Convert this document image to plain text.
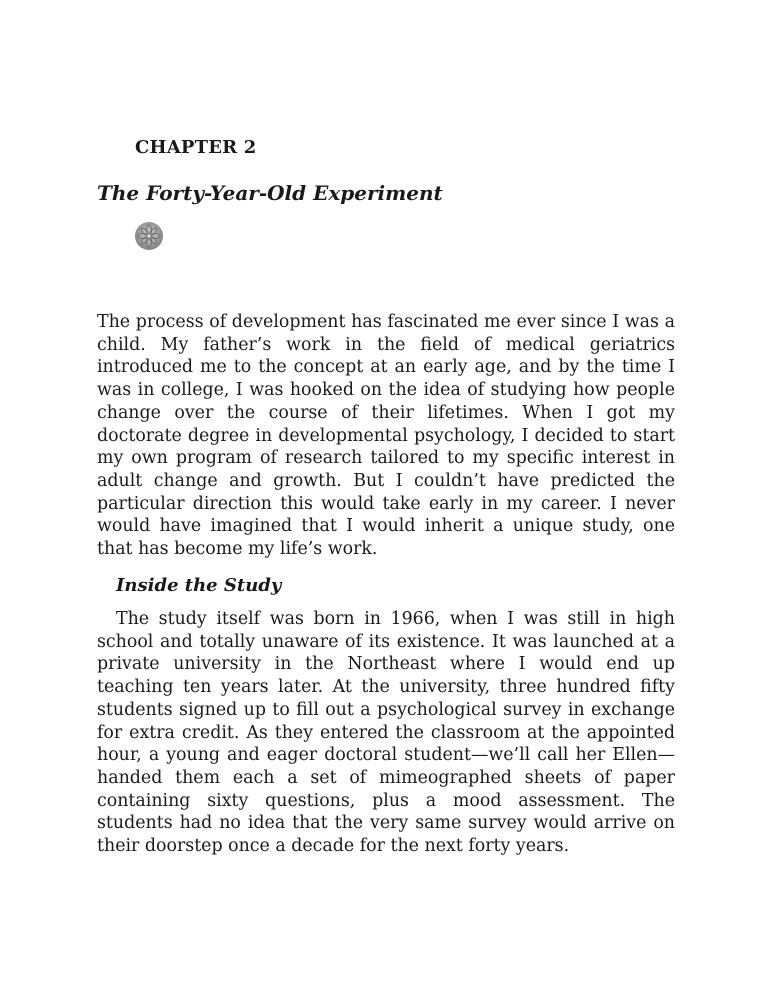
CHAPTER 2
The Forty-Year-Old Experiment

The process of development has fascinated me ever since I was a child. My father’s work in the field of medical geriatrics introduced me to the concept at an early age, and by the time I was in college, I was hooked on the idea of studying how people change over the course of their lifetimes. When I got my doctorate degree in developmental psychology, I decided to start my own program of research tailored to my specific interest in adult change and growth. But I couldn’t have predicted the particular direction this would take early in my career. I never would have imagined that I would inherit a unique study, one that has become my life’s work.

Inside the Study

The study itself was born in 1966, when I was still in high school and totally unaware of its existence. It was launched at a private university in the Northeast where I would end up teaching ten years later. At the university, three hundred fifty students signed up to fill out a psychological survey in exchange for extra credit. As they entered the classroom at the appointed hour, a young and eager doctoral student—we’ll call her Ellen—handed them each a set of mimeographed sheets of paper containing sixty questions, plus a mood assessment. The students had no idea that the very same survey would arrive on their doorstep once a decade for the next forty years.
